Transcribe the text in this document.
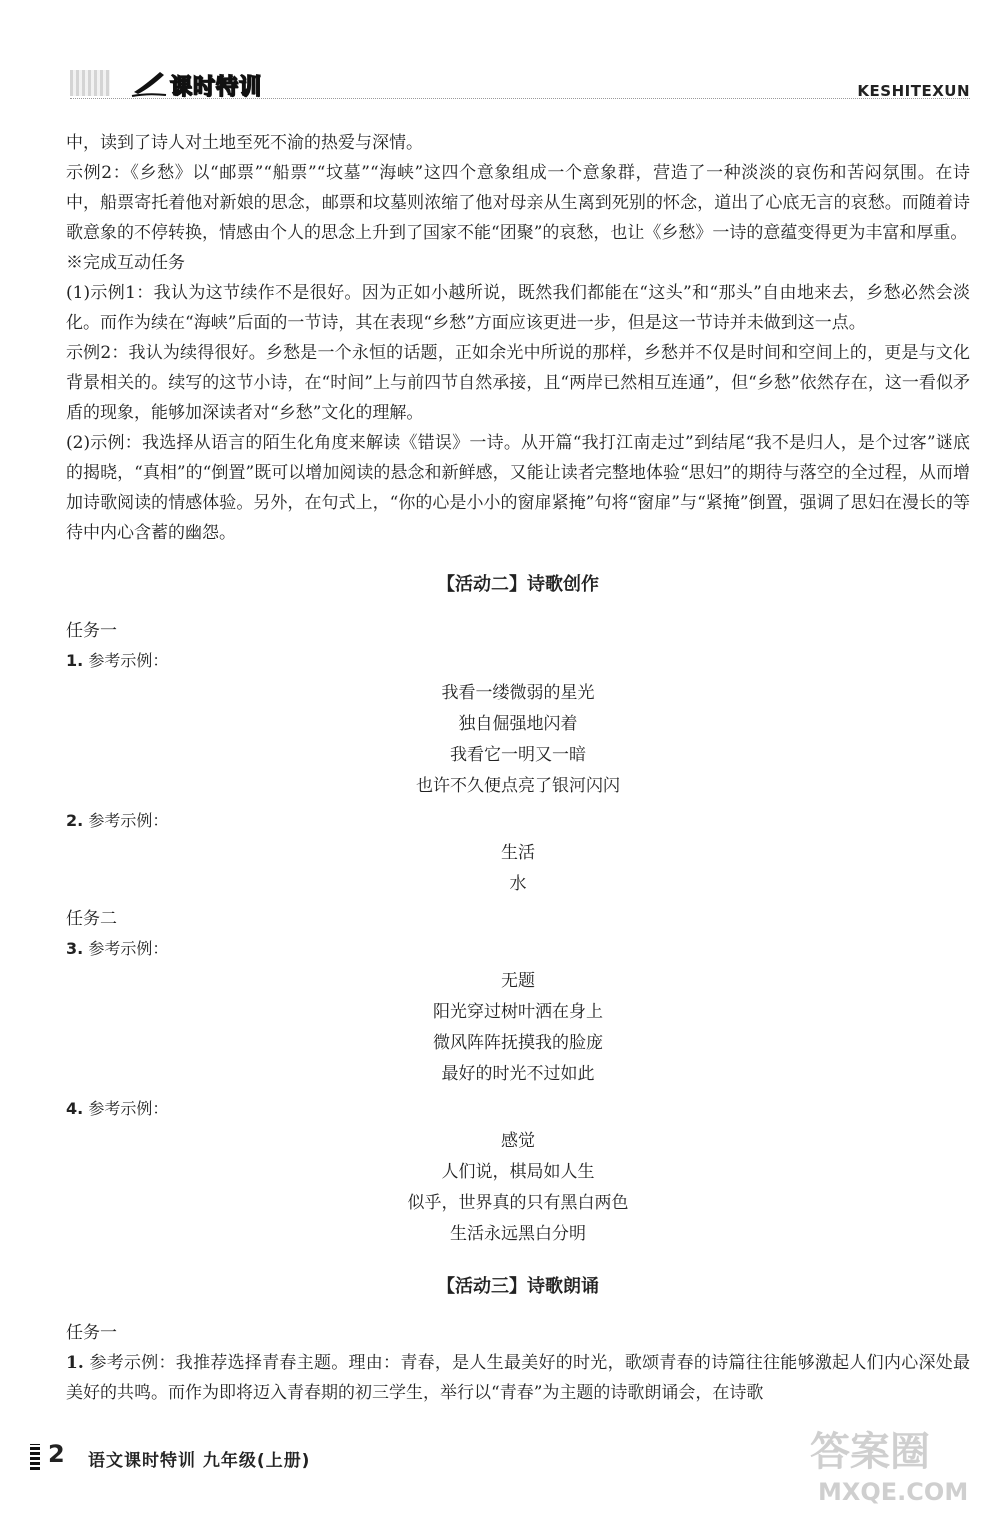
课时特训	KESHITEXUN

中，读到了诗人对土地至死不渝的热爱与深情。

示例2：《乡愁》以“邮票”“船票”“坟墓”“海峡”这四个意象组成一个意象群，营造了一种淡淡的哀伤和苦闷氛围。在诗中，船票寄托着他对新娘的思念，邮票和坟墓则浓缩了他对母亲从生离到死别的怀念，道出了心底无言的哀愁。而随着诗歌意象的不停转换，情感由个人的思念上升到了国家不能“团聚”的哀愁，也让《乡愁》一诗的意蕴变得更为丰富和厚重。

※完成互动任务

(1)示例1：我认为这节续作不是很好。因为正如小越所说，既然我们都能在“这头”和“那头”自由地来去，乡愁必然会淡化。而作为续在“海峡”后面的一节诗，其在表现“乡愁”方面应该更进一步，但是这一节诗并未做到这一点。

示例2：我认为续得很好。乡愁是一个永恒的话题，正如余光中所说的那样，乡愁并不仅是时间和空间上的，更是与文化背景相关的。续写的这节小诗，在“时间”上与前四节自然承接，且“两岸已然相互连通”，但“乡愁”依然存在，这一看似矛盾的现象，能够加深读者对“乡愁”文化的理解。

(2)示例：我选择从语言的陌生化角度来解读《错误》一诗。从开篇“我打江南走过”到结尾“我不是归人，是个过客”谜底的揭晓，“真相”的“倒置”既可以增加阅读的悬念和新鲜感，又能让读者完整地体验“思妇”的期待与落空的全过程，从而增加诗歌阅读的情感体验。另外，在句式上，“你的心是小小的窗扉紧掩”句将“窗扉”与“紧掩”倒置，强调了思妇在漫长的等待中内心含蓄的幽怨。

【活动二】诗歌创作
任务一
1. 参考示例：
我看一缕微弱的星光
独自倔强地闪着
我看它一明又一暗
也许不久便点亮了银河闪闪
2. 参考示例：
生活
水
任务二
3. 参考示例：
无题
阳光穿过树叶洒在身上
微风阵阵抚摸我的脸庞
最好的时光不过如此
4. 参考示例：
感觉
人们说，棋局如人生
似乎，世界真的只有黑白两色
生活永远黑白分明
【活动三】诗歌朗诵
任务一

1. 参考示例：我推荐选择青春主题。理由：青春，是人生最美好的时光，歌颂青春的诗篇往往能够激起人们内心深处最美好的共鸣。而作为即将迈入青春期的初三学生，举行以“青春”为主题的诗歌朗诵会，在诗歌

2 语文课时特训 九年级(上册)	答案圈
MXQE.COM
